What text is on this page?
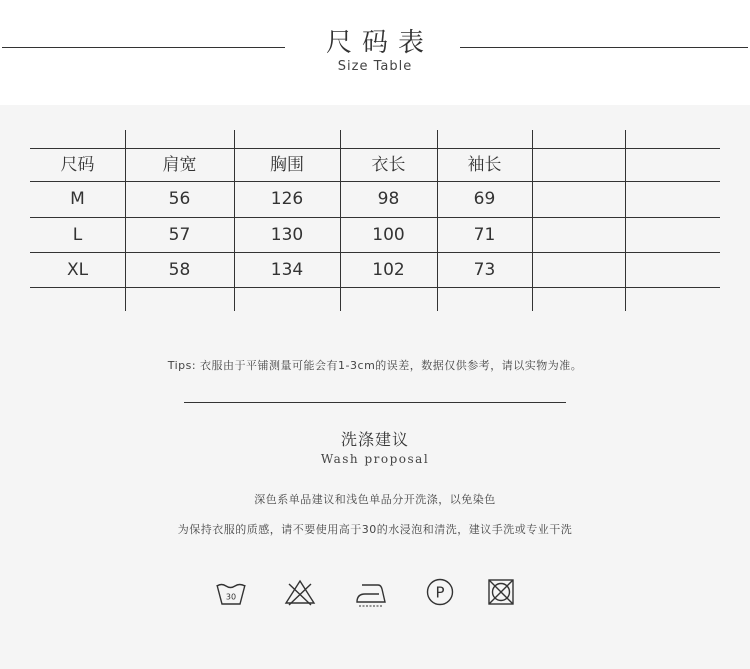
尺码表
Size Table
尺码	肩宽	胸围	衣长	袖长
M	56	126	98	69
L	57	130	100	71
XL	58	134	102	73
Tips: 衣服由于平铺测量可能会有1-3cm的误差，数据仅供参考，请以实物为准。
洗涤建议
Wash proposal
深色系单品建议和浅色单品分开洗涤，以免染色
为保持衣服的质感，请不要使用高于30的水浸泡和清洗，建议手洗或专业干洗
30	P
